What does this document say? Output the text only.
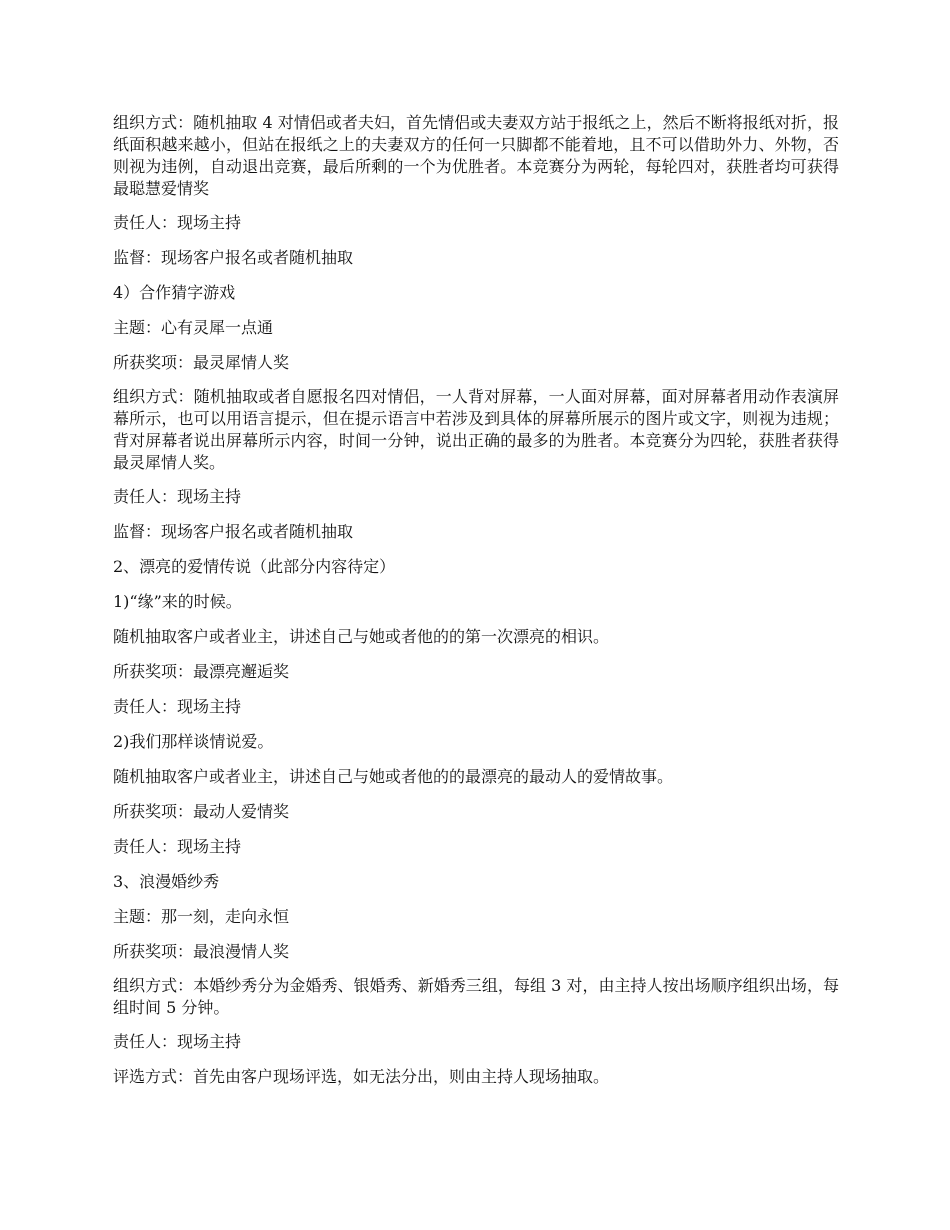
组织方式：随机抽取 4 对情侣或者夫妇，首先情侣或夫妻双方站于报纸之上，然后不断将报纸对折，报纸面积越来越小，但站在报纸之上的夫妻双方的任何一只脚都不能着地，且不可以借助外力、外物，否则视为违例，自动退出竞赛，最后所剩的一个为优胜者。本竞赛分为两轮，每轮四对，获胜者均可获得最聪慧爱情奖

责任人：现场主持

监督：现场客户报名或者随机抽取

4）合作猜字游戏

主题：心有灵犀一点通

所获奖项：最灵犀情人奖

组织方式：随机抽取或者自愿报名四对情侣，一人背对屏幕，一人面对屏幕，面对屏幕者用动作表演屏幕所示，也可以用语言提示，但在提示语言中若涉及到具体的屏幕所展示的图片或文字，则视为违规；背对屏幕者说出屏幕所示内容，时间一分钟，说出正确的最多的为胜者。本竞赛分为四轮，获胜者获得最灵犀情人奖。

责任人：现场主持

监督：现场客户报名或者随机抽取

2、漂亮的爱情传说（此部分内容待定）

1)“缘”来的时候。

随机抽取客户或者业主，讲述自己与她或者他的的第一次漂亮的相识。

所获奖项：最漂亮邂逅奖

责任人：现场主持

2)我们那样谈情说爱。

随机抽取客户或者业主，讲述自己与她或者他的的最漂亮的最动人的爱情故事。

所获奖项：最动人爱情奖

责任人：现场主持

3、浪漫婚纱秀

主题：那一刻，走向永恒

所获奖项：最浪漫情人奖

组织方式：本婚纱秀分为金婚秀、银婚秀、新婚秀三组，每组 3 对，由主持人按出场顺序组织出场，每组时间 5 分钟。

责任人：现场主持

评选方式：首先由客户现场评选，如无法分出，则由主持人现场抽取。
